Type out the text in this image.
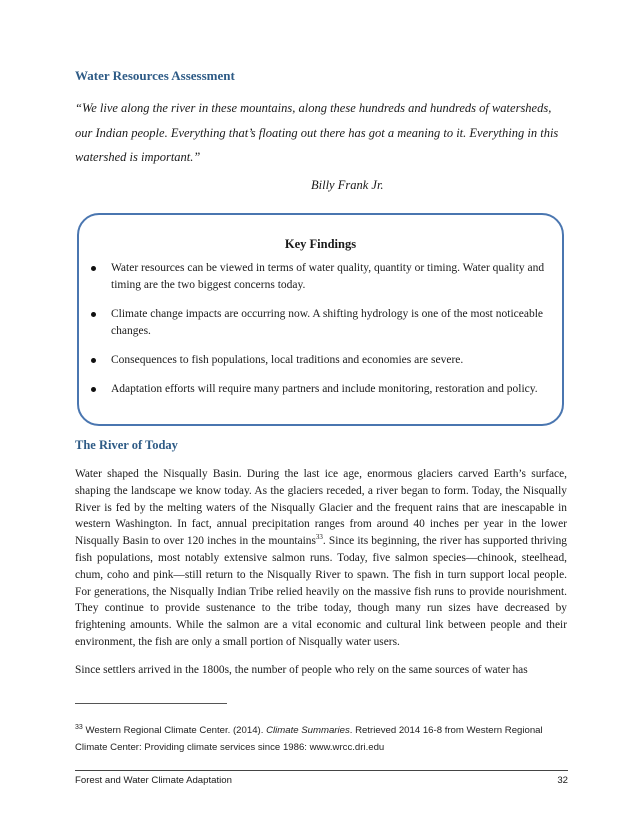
Water Resources Assessment
“We live along the river in these mountains, along these hundreds and hundreds of watersheds, our Indian people. Everything that’s floating out there has got a meaning to it. Everything in this watershed is important.”
Billy Frank Jr.
Key Findings
Water resources can be viewed in terms of water quality, quantity or timing. Water quality and timing are the two biggest concerns today.
Climate change impacts are occurring now. A shifting hydrology is one of the most noticeable changes.
Consequences to fish populations, local traditions and economies are severe.
Adaptation efforts will require many partners and include monitoring, restoration and policy.
The River of Today
Water shaped the Nisqually Basin. During the last ice age, enormous glaciers carved Earth’s surface, shaping the landscape we know today. As the glaciers receded, a river began to form. Today, the Nisqually River is fed by the melting waters of the Nisqually Glacier and the frequent rains that are inescapable in western Washington. In fact, annual precipitation ranges from around 40 inches per year in the lower Nisqually Basin to over 120 inches in the mountains$^{33}$. Since its beginning, the river has supported thriving fish populations, most notably extensive salmon runs. Today, five salmon species—chinook, steelhead, chum, coho and pink—still return to the Nisqually River to spawn. The fish in turn support local people. For generations, the Nisqually Indian Tribe relied heavily on the massive fish runs to provide nourishment. They continue to provide sustenance to the tribe today, though many run sizes have decreased by frightening amounts. While the salmon are a vital economic and cultural link between people and their environment, the fish are only a small portion of Nisqually water users.
Since settlers arrived in the 1800s, the number of people who rely on the same sources of water has
$^{33}$ Western Regional Climate Center. (2014). Climate Summaries. Retrieved 2014 16-8 from Western Regional Climate Center: Providing climate services since 1986: www.wrcc.dri.edu
Forest and Water Climate Adaptation	32
